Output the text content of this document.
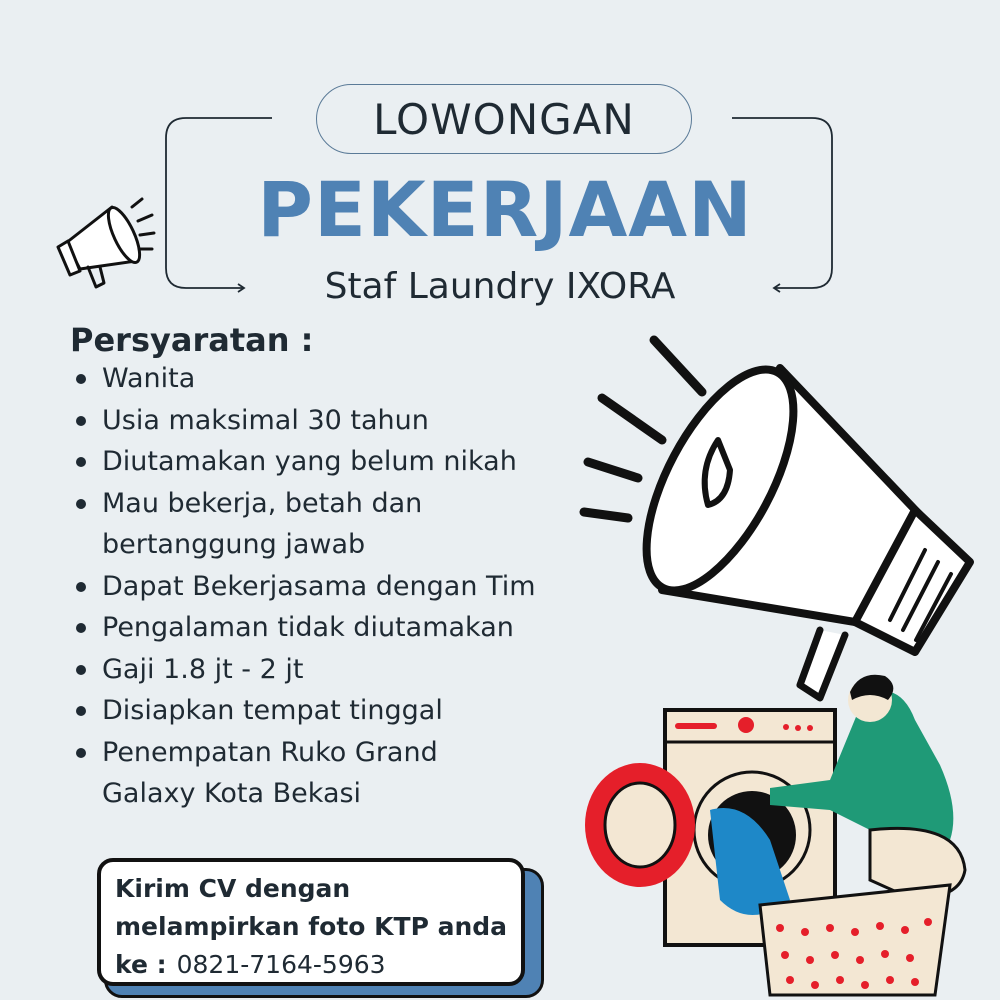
LOWONGAN
PEKERJAAN
Staf Laundry IXORA
Persyaratan :
Wanita
Usia maksimal 30 tahun
Diutamakan yang belum nikah
Mau bekerja, betah dan bertanggung jawab
Dapat Bekerjasama dengan Tim
Pengalaman tidak diutamakan
Gaji 1.8 jt - 2 jt
Disiapkan tempat tinggal
Penempatan Ruko Grand Galaxy Kota Bekasi
Kirim CV dengan
melampirkan foto KTP anda
ke : 0821-7164-5963
